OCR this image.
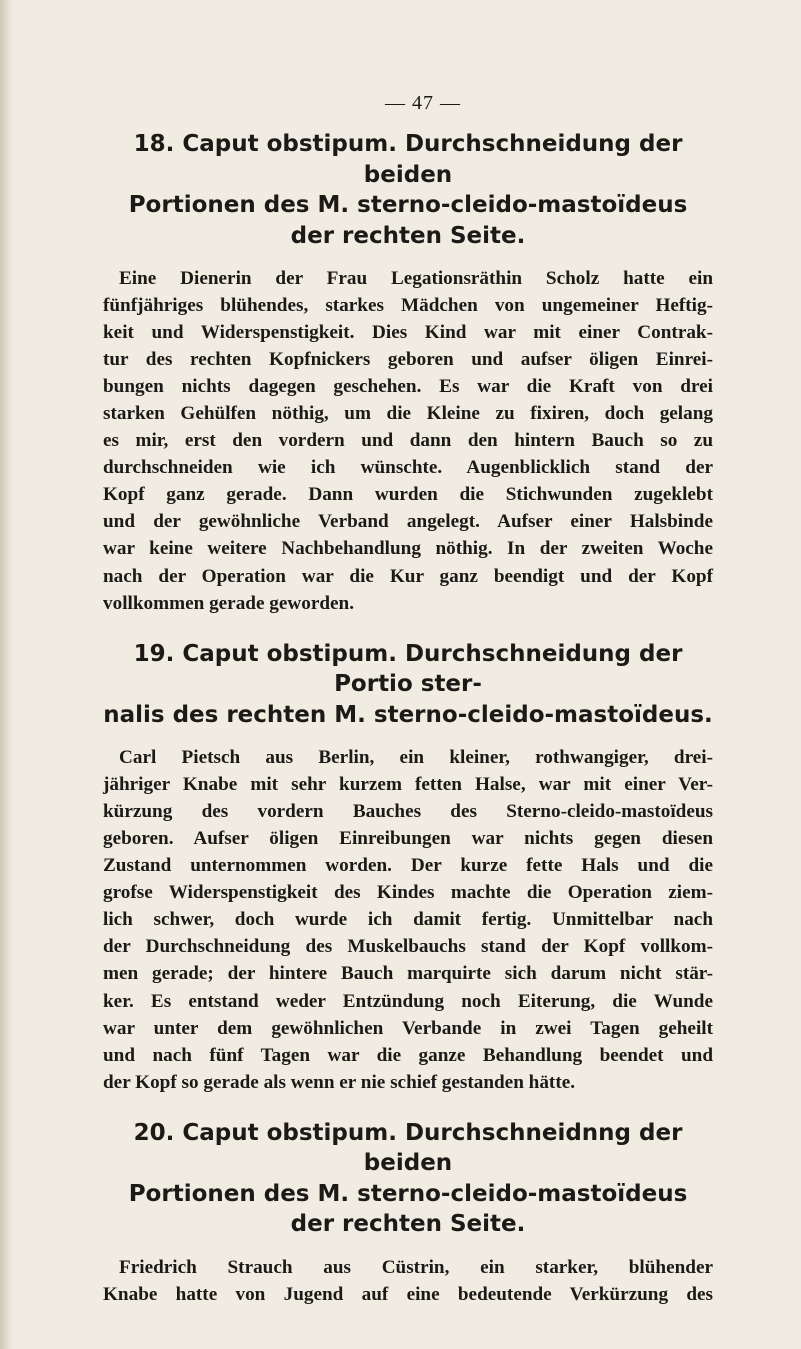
— 47 —
18. Caput obstipum. Durchschneidung der beiden
Portionen des M. sterno-cleido-mastoïdeus
der rechten Seite.

Eine Dienerin der Frau Legationsräthin Scholz hatte ein
fünfjähriges blühendes, starkes Mädchen von ungemeiner Heftig-
keit und Widerspenstigkeit. Dies Kind war mit einer Contrak-
tur des rechten Kopfnickers geboren und aufser öligen Einrei-
bungen nichts dagegen geschehen. Es war die Kraft von drei
starken Gehülfen nöthig, um die Kleine zu fixiren, doch gelang
es mir, erst den vordern und dann den hintern Bauch so zu
durchschneiden wie ich wünschte. Augenblicklich stand der
Kopf ganz gerade. Dann wurden die Stichwunden zugeklebt
und der gewöhnliche Verband angelegt. Aufser einer Halsbinde
war keine weitere Nachbehandlung nöthig. In der zweiten Woche
nach der Operation war die Kur ganz beendigt und der Kopf
vollkommen gerade geworden.

19. Caput obstipum. Durchschneidung der Portio ster-
nalis des rechten M. sterno-cleido-mastoïdeus.

Carl Pietsch aus Berlin, ein kleiner, rothwangiger, drei-
jähriger Knabe mit sehr kurzem fetten Halse, war mit einer Ver-
kürzung des vordern Bauches des Sterno-cleido-mastoïdeus
geboren. Aufser öligen Einreibungen war nichts gegen diesen
Zustand unternommen worden. Der kurze fette Hals und die
grofse Widerspenstigkeit des Kindes machte die Operation ziem-
lich schwer, doch wurde ich damit fertig. Unmittelbar nach
der Durchschneidung des Muskelbauchs stand der Kopf vollkom-
men gerade; der hintere Bauch marquirte sich darum nicht stär-
ker. Es entstand weder Entzündung noch Eiterung, die Wunde
war unter dem gewöhnlichen Verbande in zwei Tagen geheilt
und nach fünf Tagen war die ganze Behandlung beendet und
der Kopf so gerade als wenn er nie schief gestanden hätte.

20. Caput obstipum. Durchschneidnng der beiden
Portionen des M. sterno-cleido-mastoïdeus
der rechten Seite.

Friedrich Strauch aus Cüstrin, ein starker, blühender
Knabe hatte von Jugend auf eine bedeutende Verkürzung des
